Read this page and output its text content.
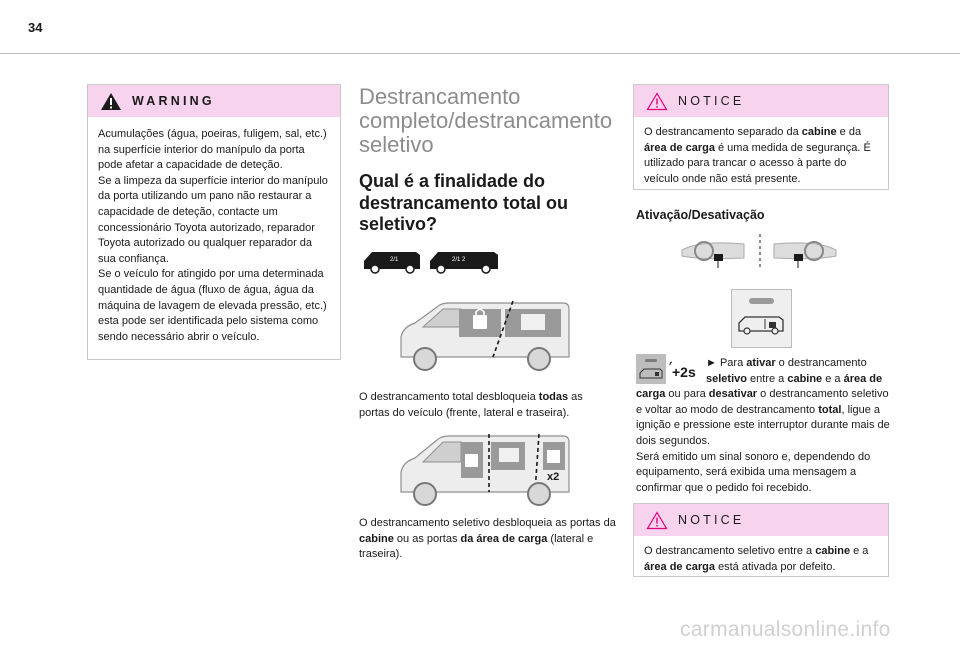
34
WARNING
Acumulações (água, poeiras, fuligem, sal, etc.) na superfície interior do manípulo da porta pode afetar a capacidade de deteção.
Se a limpeza da superfície interior do manípulo da porta utilizando um pano não restaurar a capacidade de deteção, contacte um concessionário Toyota autorizado, reparador Toyota autorizado ou qualquer reparador da sua confiança.
Se o veículo for atingido por uma determinada quantidade de água (fluxo de água, água da máquina de lavagem de elevada pressão, etc.) esta pode ser identificada pelo sistema como sendo necessário abrir o veículo.
Destrancamento completo/destrancamento seletivo
Qual é a finalidade do destrancamento total ou seletivo?
2/1	2/1 2
O destrancamento total desbloqueia todas as portas do veículo (frente, lateral e traseira).
x2
O destrancamento seletivo desbloqueia as portas da cabine ou as portas da área de carga (lateral e traseira).
NOTICE
O destrancamento separado da cabine e da área de carga é uma medida de segurança. É utilizado para trancar o acesso à parte do veículo onde não está presente.
Ativação/Desativação
+2s
► Para ativar o destrancamento
seletivo entre a cabine e a área de carga ou para desativar o destrancamento seletivo e voltar ao modo de destrancamento total, ligue a ignição e pressione este interruptor durante mais de dois segundos.
Será emitido um sinal sonoro e, dependendo do equipamento, será exibida uma mensagem a confirmar que o pedido foi recebido.
NOTICE
O destrancamento seletivo entre a cabine e a área de carga está ativada por defeito.
carmanualsonline.info
